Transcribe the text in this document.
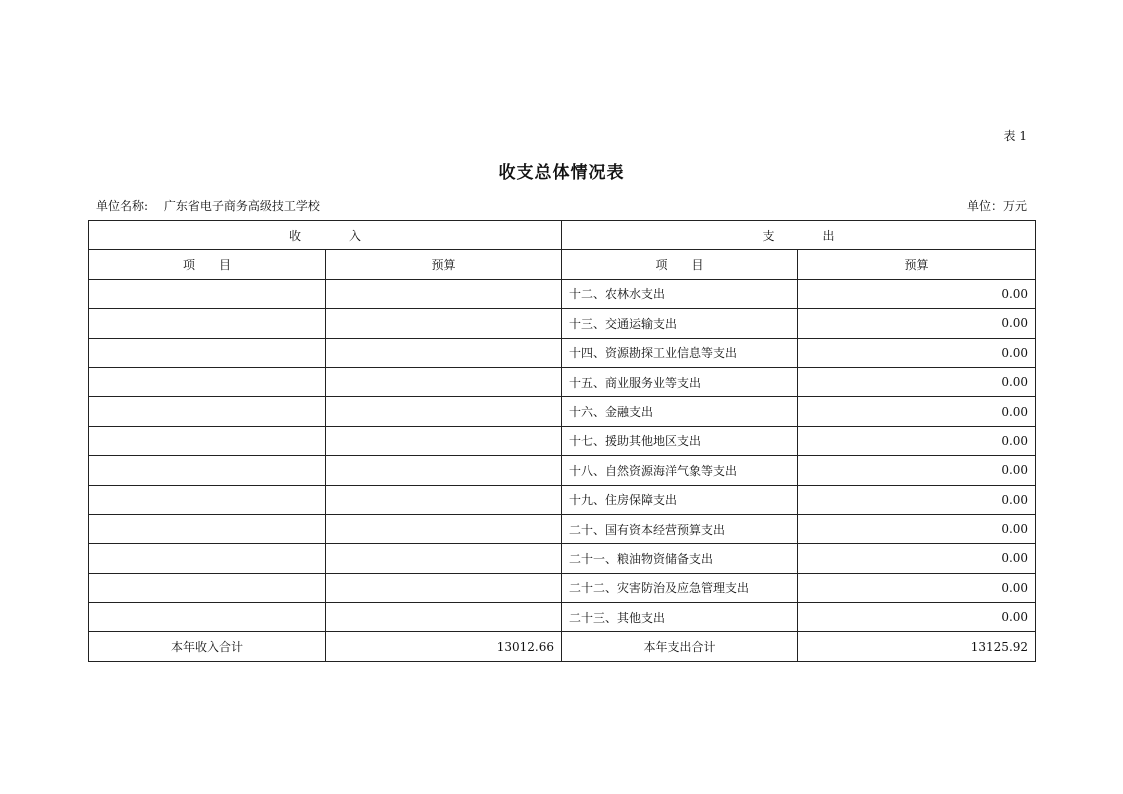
表 1
收支总体情况表
单位名称: 广东省电子商务高级技工学校	单位：万元
收　　　　入		支　　　　出	
项　　目	预算	项　　目	预算
		十二、农林水支出	0.00
		十三、交通运输支出	0.00
		十四、资源勘探工业信息等支出	0.00
		十五、商业服务业等支出	0.00
		十六、金融支出	0.00
		十七、援助其他地区支出	0.00
		十八、自然资源海洋气象等支出	0.00
		十九、住房保障支出	0.00
		二十、国有资本经营预算支出	0.00
		二十一、粮油物资储备支出	0.00
		二十二、灾害防治及应急管理支出	0.00
		二十三、其他支出	0.00
本年收入合计	13012.66	本年支出合计	13125.92
